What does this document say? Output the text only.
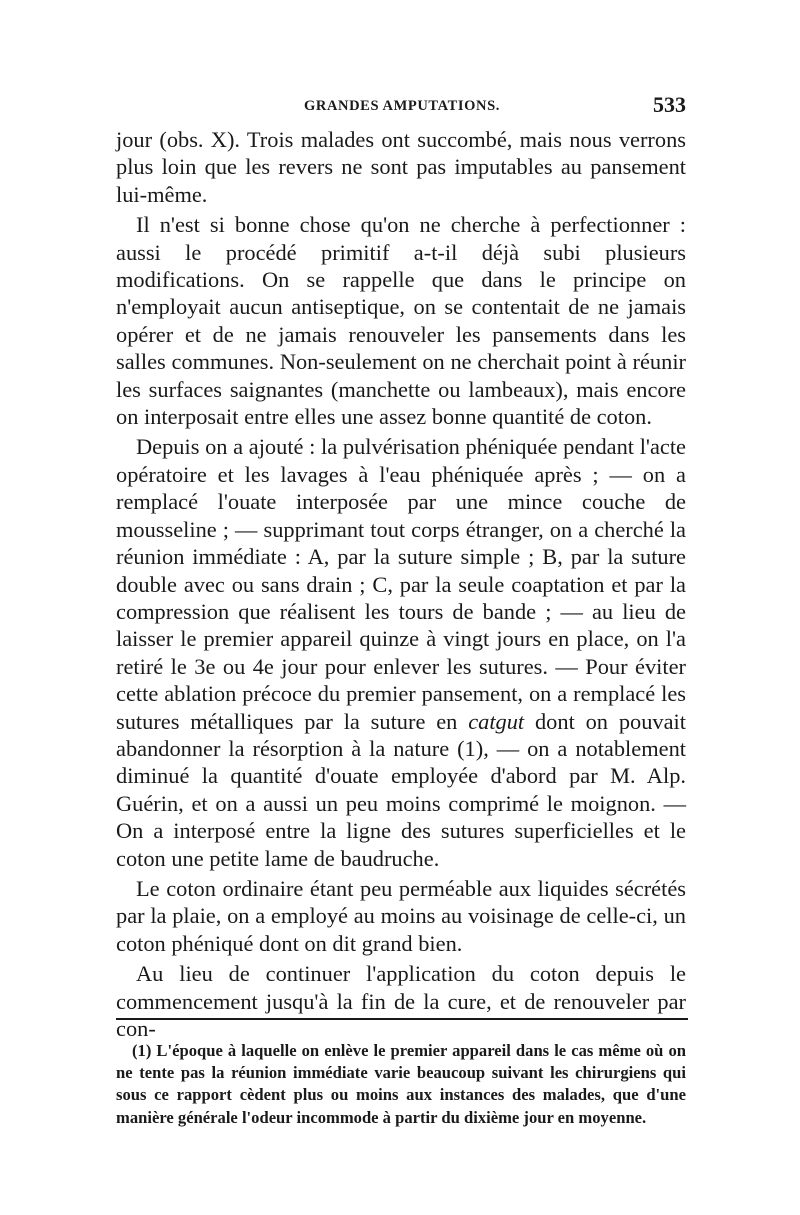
GRANDES AMPUTATIONS.	533

jour (obs. X). Trois malades ont succombé, mais nous verrons plus loin que les revers ne sont pas imputables au pansement lui-même.

Il n'est si bonne chose qu'on ne cherche à perfectionner : aussi le procédé primitif a-t-il déjà subi plusieurs modifications. On se rappelle que dans le principe on n'employait aucun antiseptique, on se contentait de ne jamais opérer et de ne jamais renouveler les pansements dans les salles communes. Non-seulement on ne cherchait point à réunir les surfaces saignantes (manchette ou lambeaux), mais encore on interposait entre elles une assez bonne quantité de coton.

Depuis on a ajouté : la pulvérisation phéniquée pendant l'acte opératoire et les lavages à l'eau phéniquée après ; — on a remplacé l'ouate interposée par une mince couche de mousseline ; — supprimant tout corps étranger, on a cherché la réunion immédiate : A, par la suture simple ; B, par la suture double avec ou sans drain ; C, par la seule coaptation et par la compression que réalisent les tours de bande ; — au lieu de laisser le premier appareil quinze à vingt jours en place, on l'a retiré le 3e ou 4e jour pour enlever les sutures. — Pour éviter cette ablation précoce du premier pansement, on a remplacé les sutures métalliques par la suture en catgut dont on pouvait abandonner la résorption à la nature (1), — on a notablement diminué la quantité d'ouate employée d'abord par M. Alp. Guérin, et on a aussi un peu moins comprimé le moignon. — On a interposé entre la ligne des sutures superficielles et le coton une petite lame de baudruche.

Le coton ordinaire étant peu perméable aux liquides sécrétés par la plaie, on a employé au moins au voisinage de celle-ci, un coton phéniqué dont on dit grand bien.

Au lieu de continuer l'application du coton depuis le commencement jusqu'à la fin de la cure, et de renouveler par con-

(1) L'époque à laquelle on enlève le premier appareil dans le cas même où on ne tente pas la réunion immédiate varie beaucoup suivant les chirurgiens qui sous ce rapport cèdent plus ou moins aux instances des malades, que d'une manière générale l'odeur incommode à partir du dixième jour en moyenne.
